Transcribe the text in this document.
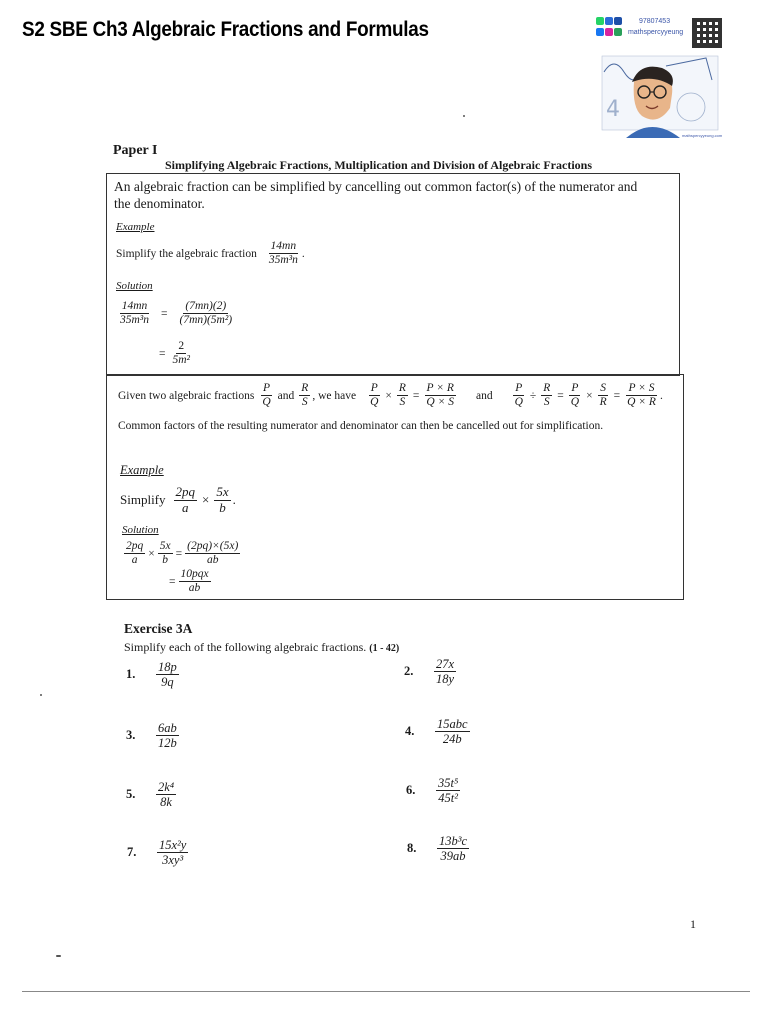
S2 SBE Ch3 Algebraic Fractions and Formulas	97807453
mathspercyyeung
4
mathspercyyeung.com
Paper I
Simplifying Algebraic Fractions, Multiplication and Division of Algebraic Fractions
An algebraic fraction can be simplified by cancelling out common factor(s) of the numerator and
the denominator.
Example
Simplify the algebraic fraction $\frac{14mn}{\text{35m³n}}$ .
Solution
$\frac{14mn}{\text{35m³n}} = \frac{(7mn)(2)}{\text{(7mn)(5m²)}}$
= $\frac{2}{\text{5m²}}$
Given two algebraic fractions $\frac{P}{Q}$ and $\frac{R}{S}$ , we have $\frac{P}{Q} \times \frac{R}{S} = \frac{P \times R}{Q \times S}$ and $\frac{P}{Q} \div \frac{R}{S} = \frac{P}{Q} \times \frac{S}{R} = \frac{P \times S}{Q \times R}$ .
Common factors of the resulting numerator and denominator can then be cancelled out for simplification.
Example
Simplify $\frac{2pq}{a} \times \frac{5x}{b}$ .
Solution
$\frac{2pq}{a} \times \frac{5x}{b} = \frac{(2pq)\times(5x)}{ab}$
= $\frac{\text{10pqx}}{ab}$
Exercise 3A
Simplify each of the following algebraic fractions. (1 - 42)
1.	$\frac{18p}{9q}$	2.	$\frac{27x}{18y}$
3.	$\frac{6ab}{12b}$	4.	$\frac{\text{15abc}}{24b}$
5.	$\frac{\text{2k⁴}}{8k}$	6.	$\frac{\text{35t⁵}}{\text{45t²}}$
7.	$\frac{\text{15x²y}}{\text{3xy³}}$	8.	$\frac{\text{13b³c}}{39ab}$
1
